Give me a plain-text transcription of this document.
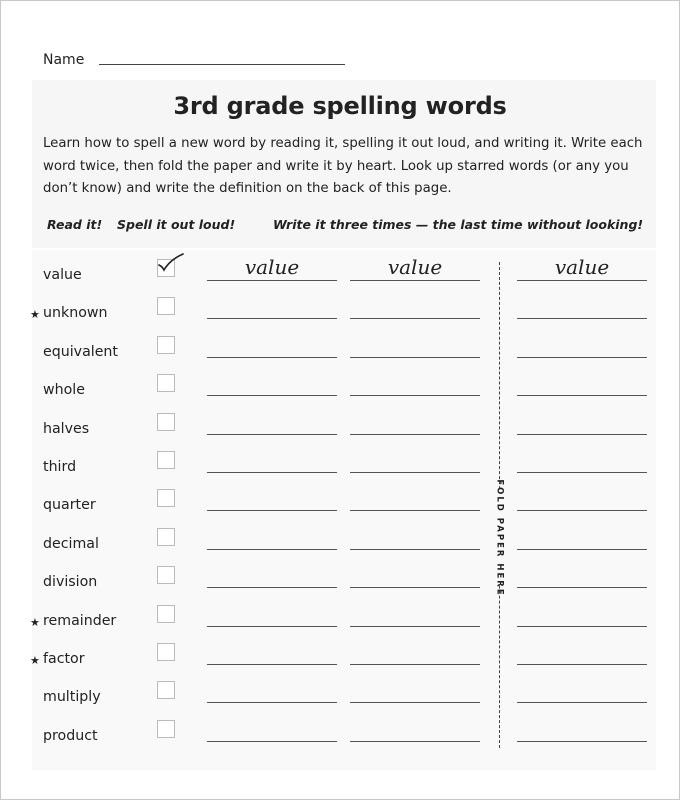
Name
3rd grade spelling words

Learn how to spell a new word by reading it, spelling it out loud, and writing it. Write each word twice, then fold the paper and write it by heart. Look up starred words (or any you don’t know) and write the definition on the back of this page.

Read it! Spell it out loud!	Write it three times — the last time without looking!
value	value	value	value
★ unknown
equivalent
whole
halves
third
quarter
decimal
division
★ remainder
★ factor
multiply
product
FOLD PAPER HERE
